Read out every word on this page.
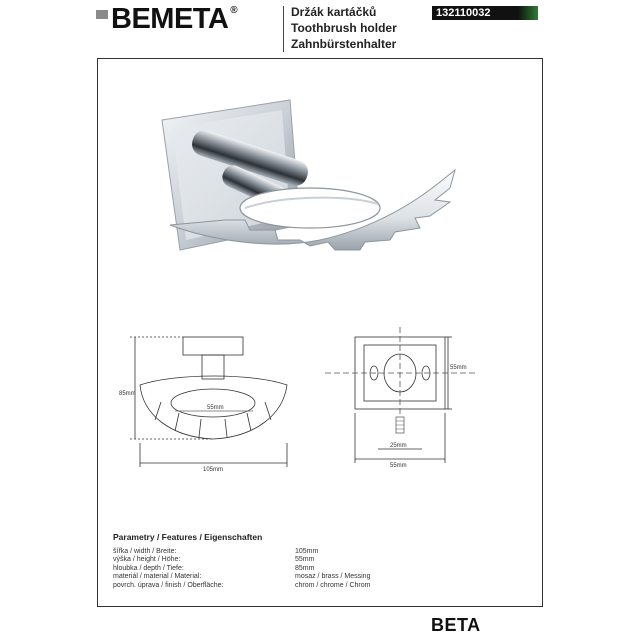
BEMETA ®	Držák kartáčků
Toothbrush holder
Zahnbürstenhalter
132110032
85mm
55mm
105mm
55mm
25mm
55mm
Parametry / Features / Eigenschaften
šířka / width / Breite:
výška / height / Höhe:
hloubka / depth / Tiefe:
materiál / material / Material:
povrch. úprava / finish / Oberfläche:
105mm
55mm
85mm
mosaz / brass / Messing
chrom / chrome / Chrom
BETA
